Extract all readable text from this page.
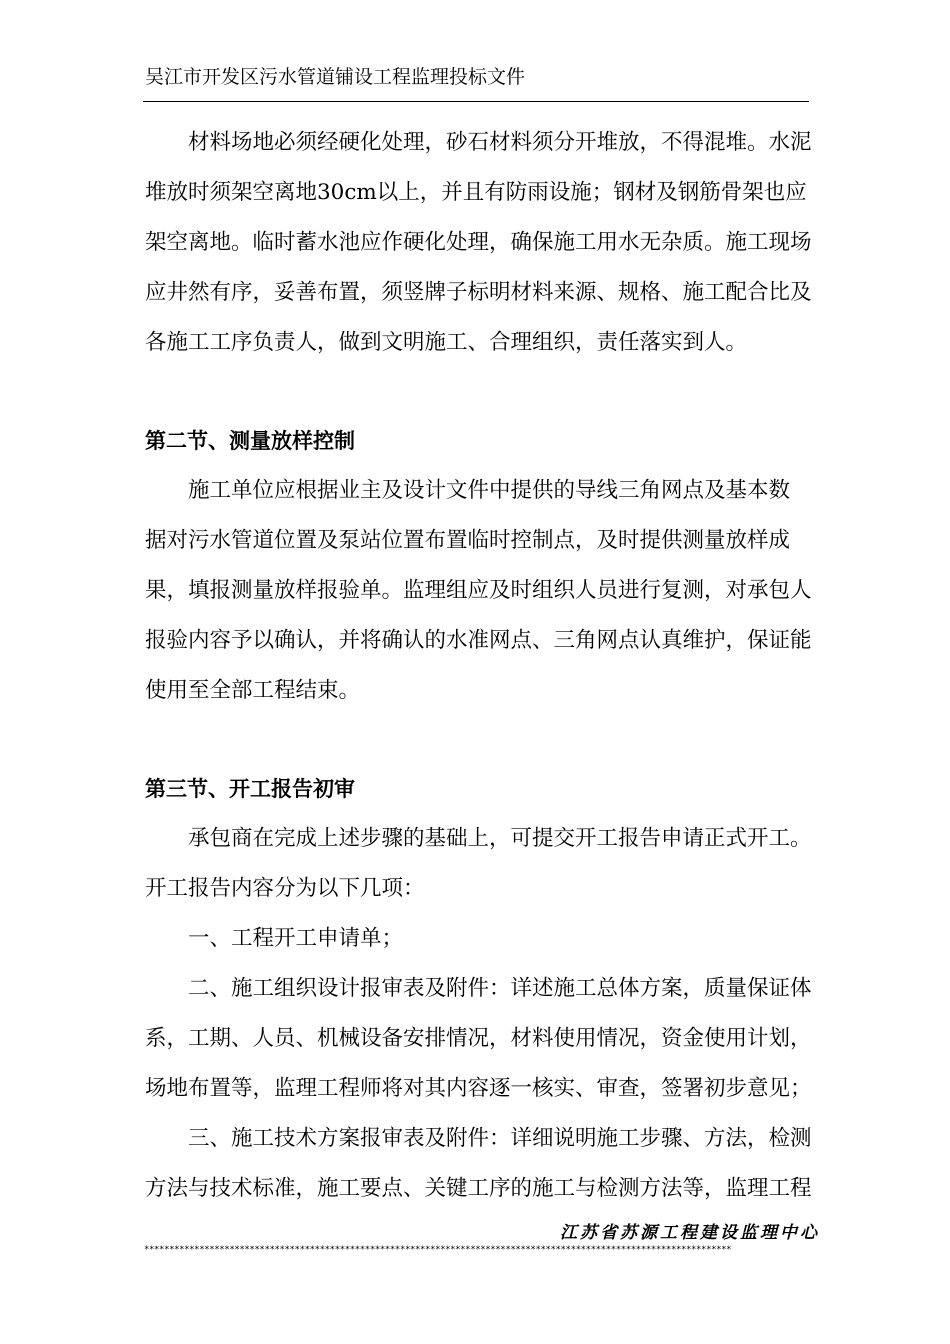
吴江市开发区污水管道铺设工程监理投标文件
材料场地必须经硬化处理，砂石材料须分开堆放，不得混堆。水泥
堆放时须架空离地30cm以上，并且有防雨设施；钢材及钢筋骨架也应
架空离地。临时蓄水池应作硬化处理，确保施工用水无杂质。施工现场
应井然有序，妥善布置，须竖牌子标明材料来源、规格、施工配合比及
各施工工序负责人，做到文明施工、合理组织，责任落实到人。
第二节、测量放样控制
施工单位应根据业主及设计文件中提供的导线三角网点及基本数
据对污水管道位置及泵站位置布置临时控制点，及时提供测量放样成
果，填报测量放样报验单。监理组应及时组织人员进行复测，对承包人
报验内容予以确认，并将确认的水准网点、三角网点认真维护，保证能
使用至全部工程结束。
第三节、开工报告初审
承包商在完成上述步骤的基础上，可提交开工报告申请正式开工。
开工报告内容分为以下几项：
一、工程开工申请单；
二、施工组织设计报审表及附件：详述施工总体方案，质量保证体
系，工期、人员、机械设备安排情况，材料使用情况，资金使用计划，
场地布置等，监理工程师将对其内容逐一核实、审查，签署初步意见；
三、施工技术方案报审表及附件：详细说明施工步骤、方法，检测
方法与技术标准，施工要点、关键工序的施工与检测方法等，监理工程
江苏省苏源工程建设监理中心
*********************************************************************************************************************
